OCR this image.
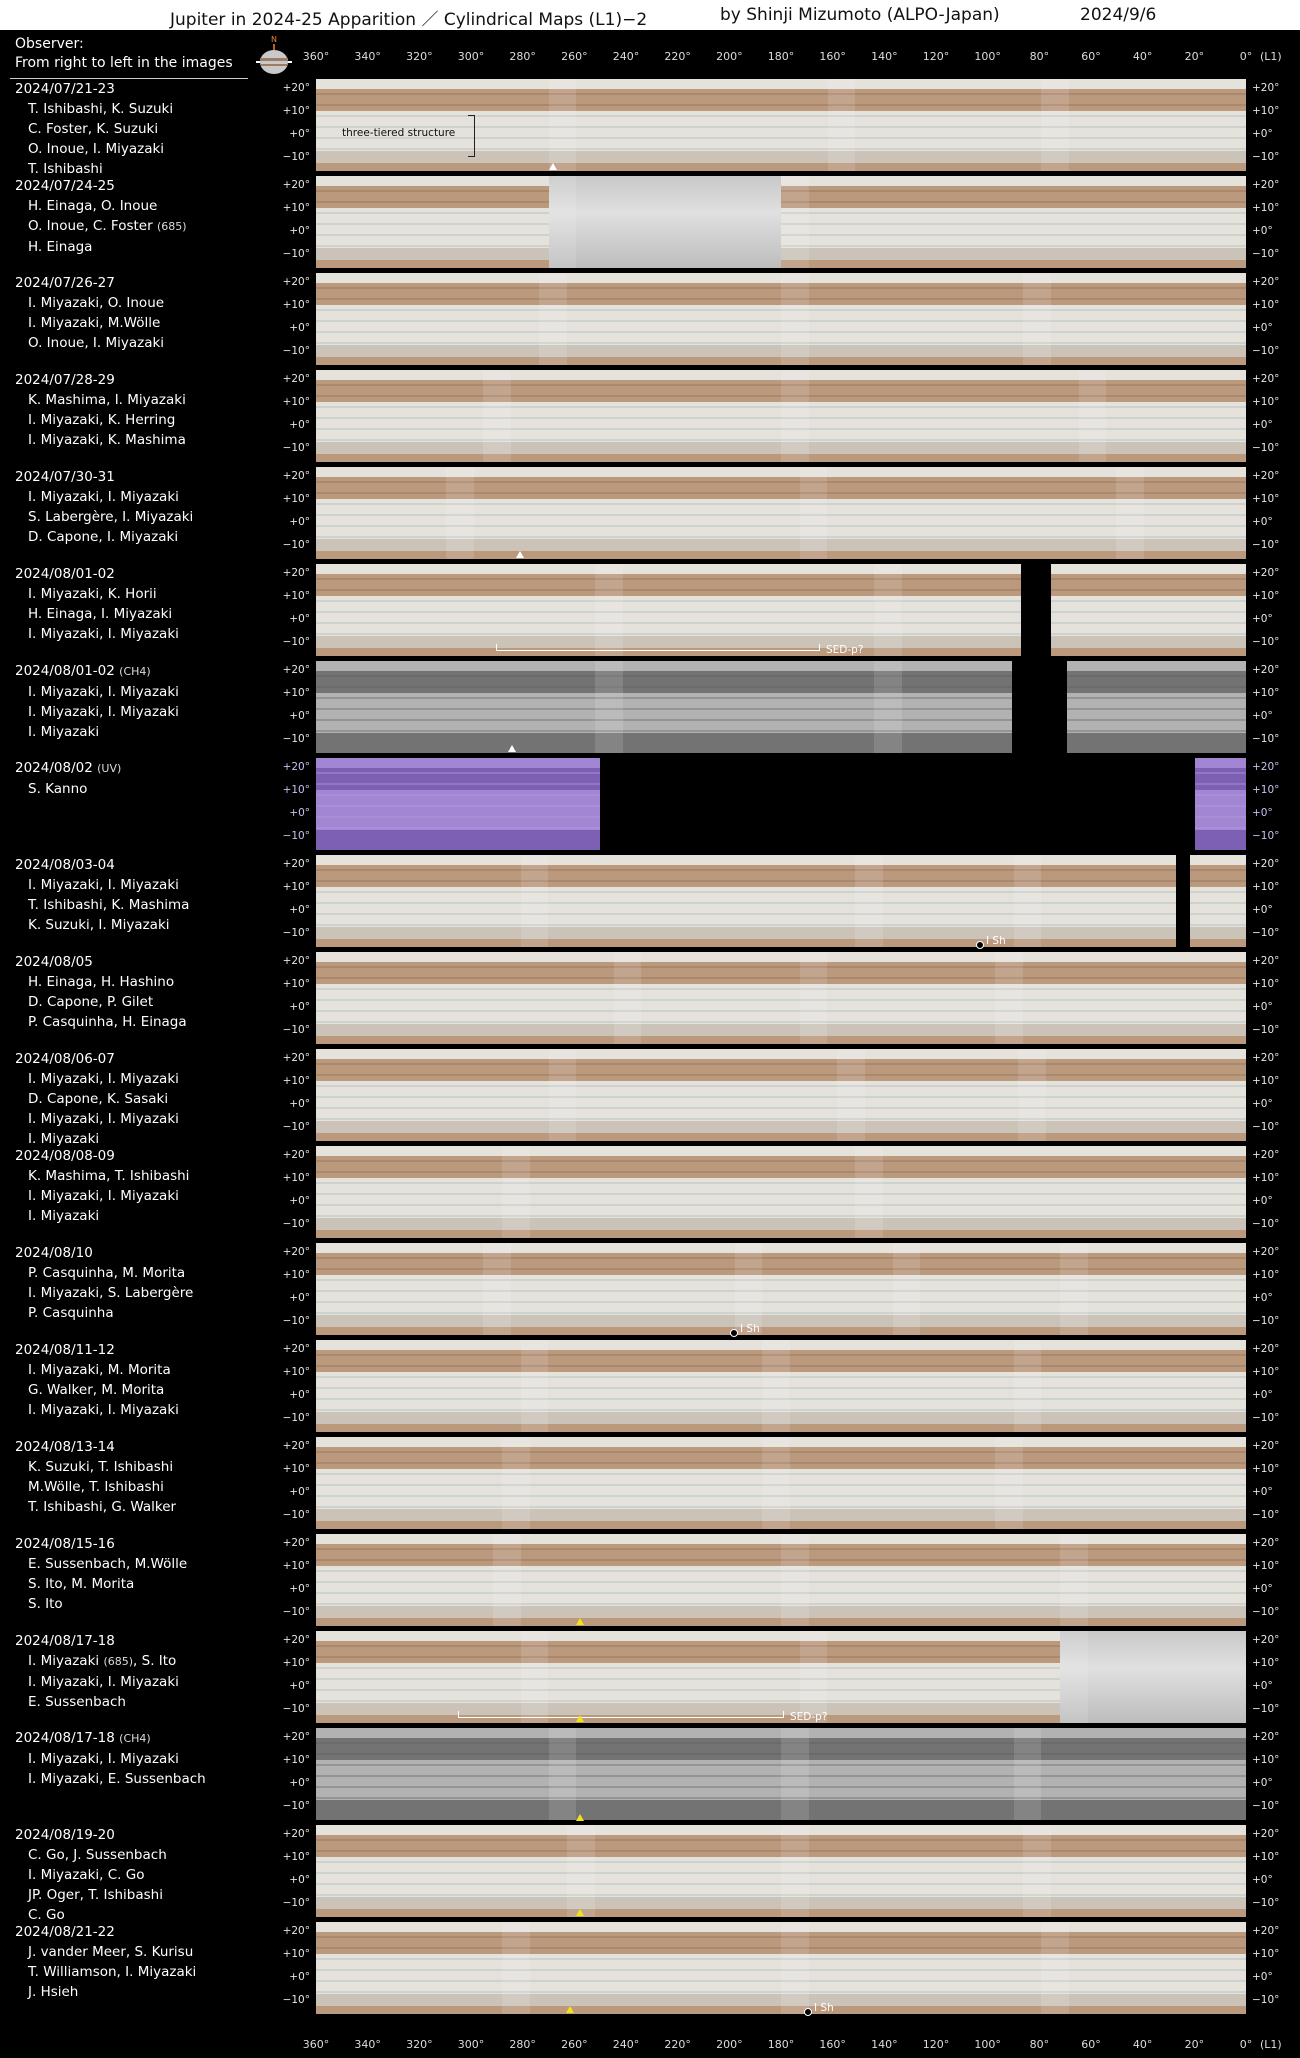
Jupiter in 2024-25 Apparition ／ Cylindrical Maps (L1)−2	by Shinji Mizumoto (ALPO-Japan)	2024/9/6
Observer:
From right to left in the images
N
360° 340° 320° 300° 280° 260° 240° 220° 200° 180° 160° 140° 120° 100°	80°	60°	40°	20°	0° (L1)
360° 340° 320° 300° 280° 260° 240° 220° 200° 180° 160° 140° 120° 100°	80°	60°	40°	20°	0° (L1)
2024/07/21-23
T. Ishibashi, K. Suzuki
C. Foster, K. Suzuki
O. Inoue, I. Miyazaki
T. Ishibashi
+20°	+20°
+10°	+10°
+0°	+0°
−10°	−10°
three-tiered structure
2024/07/24-25
H. Einaga, O. Inoue
O. Inoue, C. Foster (685)
H. Einaga
+20°	+20°
+10°	+10°
+0°	+0°
−10°	−10°
2024/07/26-27
I. Miyazaki, O. Inoue
I. Miyazaki, M.Wölle
O. Inoue, I. Miyazaki
+20°	+20°
+10°	+10°
+0°	+0°
−10°	−10°
2024/07/28-29
K. Mashima, I. Miyazaki
I. Miyazaki, K. Herring
I. Miyazaki, K. Mashima
+20°	+20°
+10°	+10°
+0°	+0°
−10°	−10°
2024/07/30-31
I. Miyazaki, I. Miyazaki
S. Labergère, I. Miyazaki
D. Capone, I. Miyazaki
+20°	+20°
+10°	+10°
+0°	+0°
−10°	−10°
2024/08/01-02
I. Miyazaki, K. Horii
H. Einaga, I. Miyazaki
I. Miyazaki, I. Miyazaki
+20°	+20°
+10°	+10°
+0°	+0°
−10°	−10°
SED-p?
2024/08/01-02 (CH4)
I. Miyazaki, I. Miyazaki
I. Miyazaki, I. Miyazaki
I. Miyazaki
+20°	+20°
+10°	+10°
+0°	+0°
−10°	−10°
2024/08/02 (UV)
S. Kanno
+20°	+20°
+10°	+10°
+0°	+0°
−10°	−10°
2024/08/03-04
I. Miyazaki, I. Miyazaki
T. Ishibashi, K. Mashima
K. Suzuki, I. Miyazaki
+20°	+20°
+10°	+10°
+0°	+0°
−10°	−10°
I Sh
2024/08/05
H. Einaga, H. Hashino
D. Capone, P. Gilet
P. Casquinha, H. Einaga
+20°	+20°
+10°	+10°
+0°	+0°
−10°	−10°
2024/08/06-07
I. Miyazaki, I. Miyazaki
D. Capone, K. Sasaki
I. Miyazaki, I. Miyazaki
I. Miyazaki
+20°	+20°
+10°	+10°
+0°	+0°
−10°	−10°
2024/08/08-09
K. Mashima, T. Ishibashi
I. Miyazaki, I. Miyazaki
I. Miyazaki
+20°	+20°
+10°	+10°
+0°	+0°
−10°	−10°
2024/08/10
P. Casquinha, M. Morita
I. Miyazaki, S. Labergère
P. Casquinha
+20°	+20°
+10°	+10°
+0°	+0°
−10°	−10°
I Sh
2024/08/11-12
I. Miyazaki, M. Morita
G. Walker, M. Morita
I. Miyazaki, I. Miyazaki
+20°	+20°
+10°	+10°
+0°	+0°
−10°	−10°
2024/08/13-14
K. Suzuki, T. Ishibashi
M.Wölle, T. Ishibashi
T. Ishibashi, G. Walker
+20°	+20°
+10°	+10°
+0°	+0°
−10°	−10°
2024/08/15-16
E. Sussenbach, M.Wölle
S. Ito, M. Morita
S. Ito
+20°	+20°
+10°	+10°
+0°	+0°
−10°	−10°
2024/08/17-18
I. Miyazaki (685), S. Ito
I. Miyazaki, I. Miyazaki
E. Sussenbach
+20°	+20°
+10°	+10°
+0°	+0°
−10°	−10°
SED-p?
2024/08/17-18 (CH4)
I. Miyazaki, I. Miyazaki
I. Miyazaki, E. Sussenbach
+20°	+20°
+10°	+10°
+0°	+0°
−10°	−10°
2024/08/19-20
C. Go, J. Sussenbach
I. Miyazaki, C. Go
JP. Oger, T. Ishibashi
C. Go
+20°	+20°
+10°	+10°
+0°	+0°
−10°	−10°
2024/08/21-22
J. vander Meer, S. Kurisu
T. Williamson, I. Miyazaki
J. Hsieh
+20°	+20°
+10°	+10°
+0°	+0°
−10°	−10°
I Sh
